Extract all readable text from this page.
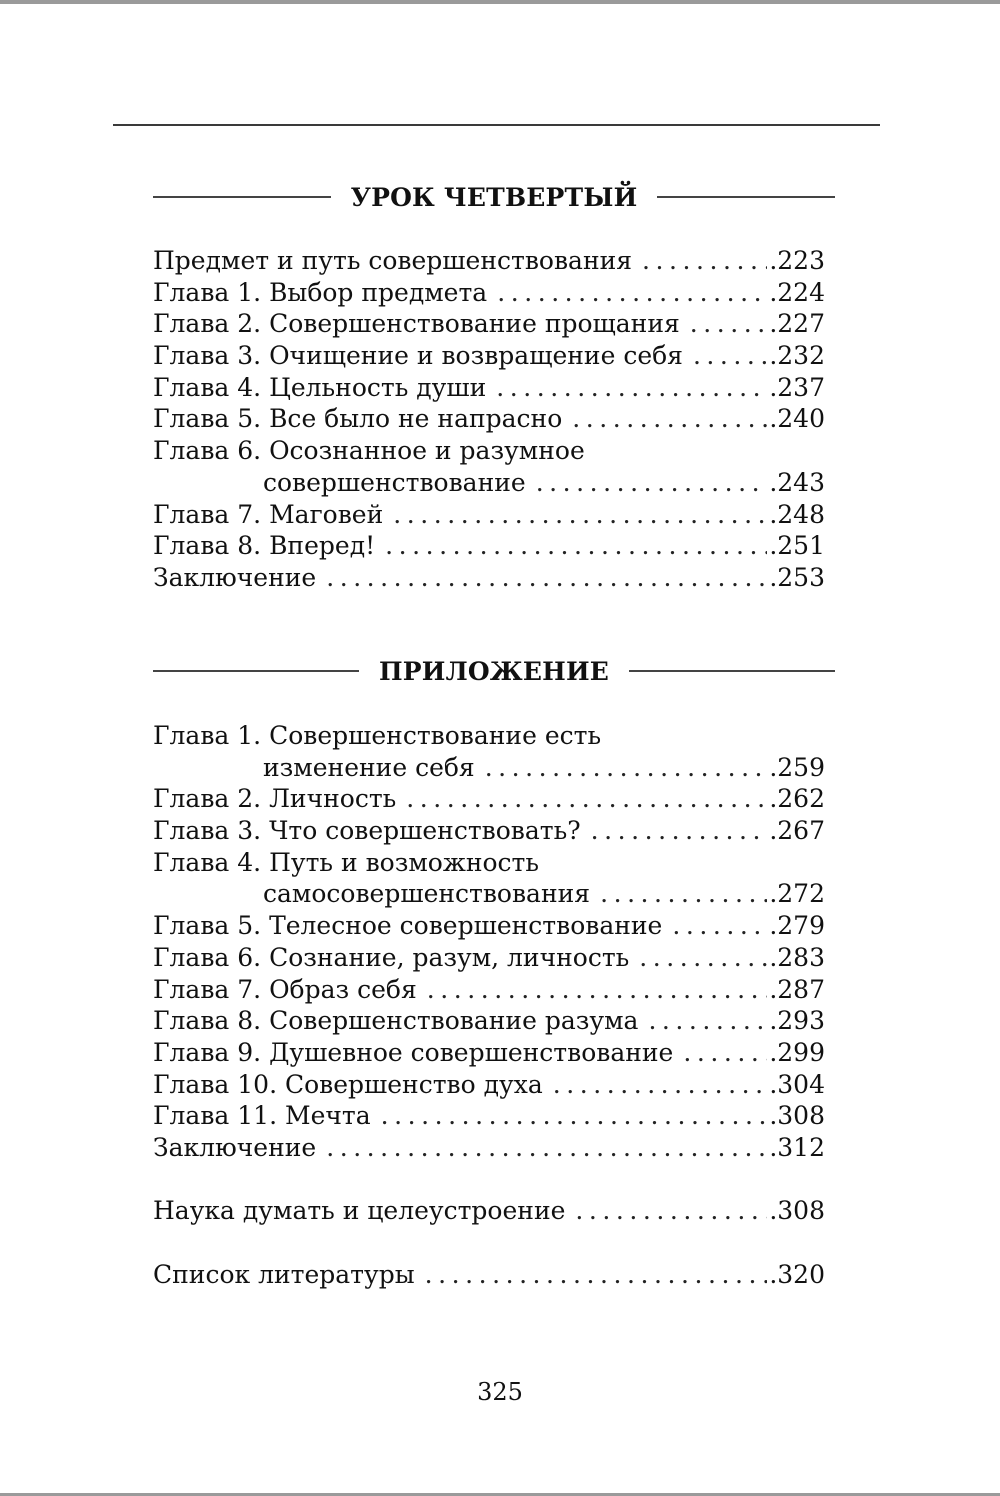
УРОК ЧЕТВЕРТЫЙ
Предмет и путь совершенствования . . .	.223
Глава 1. Выбор предмета . . .	.224
Глава 2. Совершенствование прощания . . .	.227
Глава 3. Очищение и возвращение себя . . .	.232
Глава 4. Цельность души . . .	.237
Глава 5. Все было не напрасно . . .	.240
Глава 6. Осознанное и разумное
совершенствование . . .	.243
Глава 7. Маговей . . .	.248
Глава 8. Вперед! . . .	.251
Заключение . . .	.253
ПРИЛОЖЕНИЕ
Глава 1. Совершенствование есть
изменение себя . . .	.259
Глава 2. Личность . . .	.262
Глава 3. Что совершенствовать? . . .	.267
Глава 4. Путь и возможность
самосовершенствования . . .	.272
Глава 5. Телесное совершенствование . . .	.279
Глава 6. Сознание, разум, личность . . .	.283
Глава 7. Образ себя . . .	.287
Глава 8. Совершенствование разума . . .	.293
Глава 9. Душевное совершенствование . . .	.299
Глава 10. Совершенство духа . . .	.304
Глава 11. Мечта . . .	.308
Заключение . . .	.312
Наука думать и целеустроение . . .	.308
Список литературы . . .	.320
325
